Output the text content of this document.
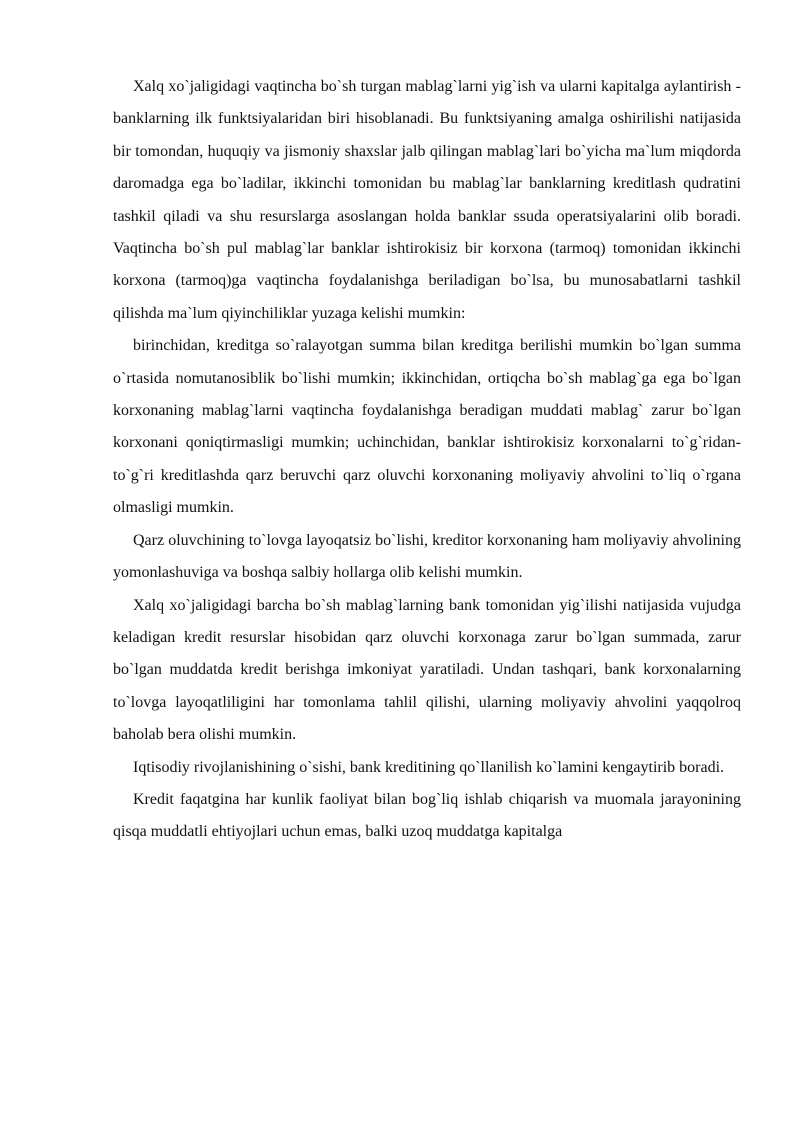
Xalq xo`jaligidagi vaqtincha bo`sh turgan mablag`larni yig`ish va ularni kapitalga aylantirish - banklarning ilk funktsiyalaridan biri hisoblanadi. Bu funktsiyaning amalga oshirilishi natijasida bir tomondan, huquqiy va jismoniy shaxslar jalb qilingan mablag`lari bo`yicha ma`lum miqdorda daromadga ega bo`ladilar, ikkinchi tomonidan bu mablag`lar banklarning kreditlash qudratini tashkil qiladi va shu resurslarga asoslangan holda banklar ssuda operatsiyalarini olib boradi. Vaqtincha bo`sh pul mablag`lar banklar ishtirokisiz bir korxona (tarmoq) tomonidan ikkinchi korxona (tarmoq)ga vaqtincha foydalanishga beriladigan bo`lsa, bu munosabatlarni tashkil qilishda ma`lum qiyinchiliklar yuzaga kelishi mumkin:

birinchidan, kreditga so`ralayotgan summa bilan kreditga berilishi mumkin bo`lgan summa o`rtasida nomutanosiblik bo`lishi mumkin; ikkinchidan, ortiqcha bo`sh mablag`ga ega bo`lgan korxonaning mablag`larni vaqtincha foydalanishga beradigan muddati mablag` zarur bo`lgan korxonani qoniqtirmasligi mumkin; uchinchidan, banklar ishtirokisiz korxonalarni to`g`ridan-to`g`ri kreditlashda qarz beruvchi qarz oluvchi korxonaning moliyaviy ahvolini to`liq o`rgana olmasligi mumkin.

Qarz oluvchining to`lovga layoqatsiz bo`lishi, kreditor korxonaning ham moliyaviy ahvolining yomonlashuviga va boshqa salbiy hollarga olib kelishi mumkin.

Xalq xo`jaligidagi barcha bo`sh mablag`larning bank tomonidan yig`ilishi natijasida vujudga keladigan kredit resurslar hisobidan qarz oluvchi korxonaga zarur bo`lgan summada, zarur bo`lgan muddatda kredit berishga imkoniyat yaratiladi. Undan tashqari, bank korxonalarning to`lovga layoqatliligini har tomonlama tahlil qilishi, ularning moliyaviy ahvolini yaqqolroq baholab bera olishi mumkin.

Iqtisodiy rivojlanishining o`sishi, bank kreditining qo`llanilish ko`lamini kengaytirib boradi.

Kredit faqatgina har kunlik faoliyat bilan bog`liq ishlab chiqarish va muomala jarayonining qisqa muddatli ehtiyojlari uchun emas, balki uzoq muddatga kapitalga
